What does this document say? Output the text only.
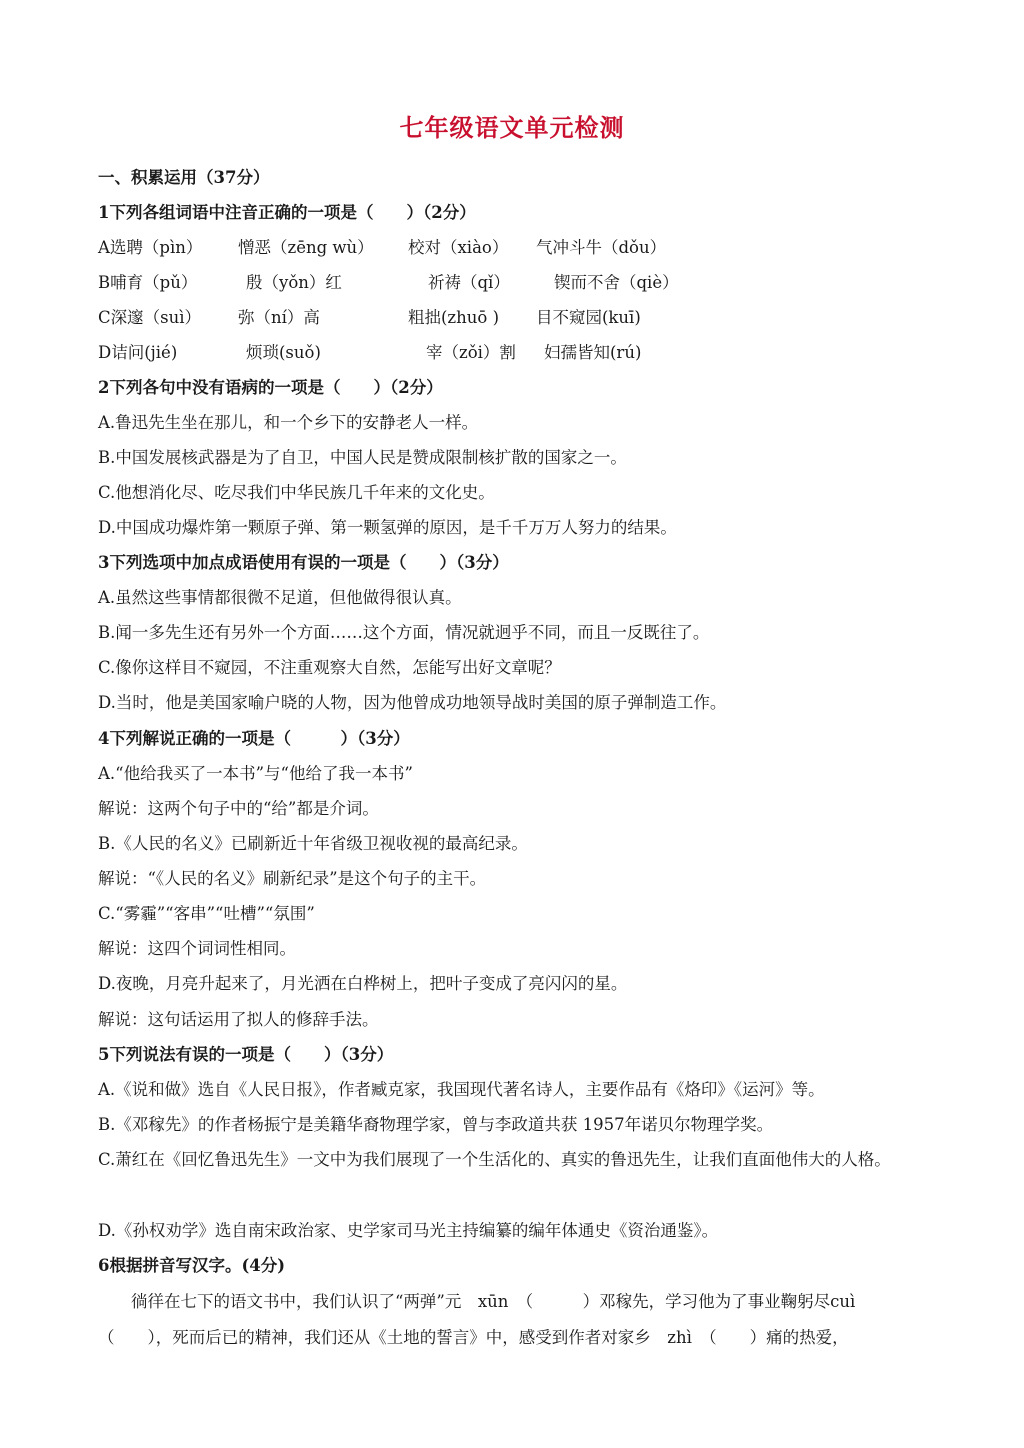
七年级语文单元检测
一、积累运用（37分）
1下列各组词语中注音正确的一项是（　　）（2分）
A选聘（pìn） 憎恶（zēng wù） 校对（xiào） 气冲斗牛（dǒu）
B哺育（pǔ）	殷（yǒn）红	祈祷（qǐ）	锲而不舍（qiè）
C深邃（suì） 弥（ní）高	粗拙(zhuō ) 目不窥园(kuī)
D诘问(jié)	烦琐(suǒ)	宰（zǒi）割 妇孺皆知(rú)
2下列各句中没有语病的一项是（　　）（2分）
A.鲁迅先生坐在那儿，和一个乡下的安静老人一样。
B.中国发展核武器是为了自卫，中国人民是赞成限制核扩散的国家之一。
C.他想消化尽、吃尽我们中华民族几千年来的文化史。
D.中国成功爆炸第一颗原子弹、第一颗氢弹的原因，是千千万万人努力的结果。
3下列选项中加点成语使用有误的一项是（　　）（3分）
A.虽然这些事情都很微不足道，但他做得很认真。
B.闻一多先生还有另外一个方面……这个方面，情况就迥乎不同，而且一反既往了。
C.像你这样目不窥园，不注重观察大自然，怎能写出好文章呢？
D.当时，他是美国家喻户晓的人物，因为他曾成功地领导战时美国的原子弹制造工作。
4下列解说正确的一项是（　　　）（3分）
A.“他给我买了一本书”与“他给了我一本书”
解说：这两个句子中的“给”都是介词。
B.《人民的名义》已刷新近十年省级卫视收视的最高纪录。
解说：“《人民的名义》刷新纪录”是这个句子的主干。
C.“雾霾”“客串”“吐槽”“氛围”
解说：这四个词词性相同。
D.夜晚，月亮升起来了，月光洒在白桦树上，把叶子变成了亮闪闪的星。
解说：这句话运用了拟人的修辞手法。
5下列说法有误的一项是（　　）（3分）
A.《说和做》选自《人民日报》，作者臧克家，我国现代著名诗人，主要作品有《烙印》《运河》等。
B.《邓稼先》的作者杨振宁是美籍华裔物理学家，曾与李政道共获 1957年诺贝尔物理学奖。
C.萧红在《回忆鲁迅先生》一文中为我们展现了一个生活化的、真实的鲁迅先生，让我们直面他伟大的人格。
D.《孙权劝学》选自南宋政治家、史学家司马光主持编纂的编年体通史《资治通鉴》。
6根据拼音写汉字。(4分)
徜徉在七下的语文书中，我们认识了“两弹”元　xūn　（　　　）邓稼先，学习他为了事业鞠躬尽cuì（　　），死而后已的精神，我们还从《土地的誓言》中，感受到作者对家乡　zhì　（　　）痛的热爱，
